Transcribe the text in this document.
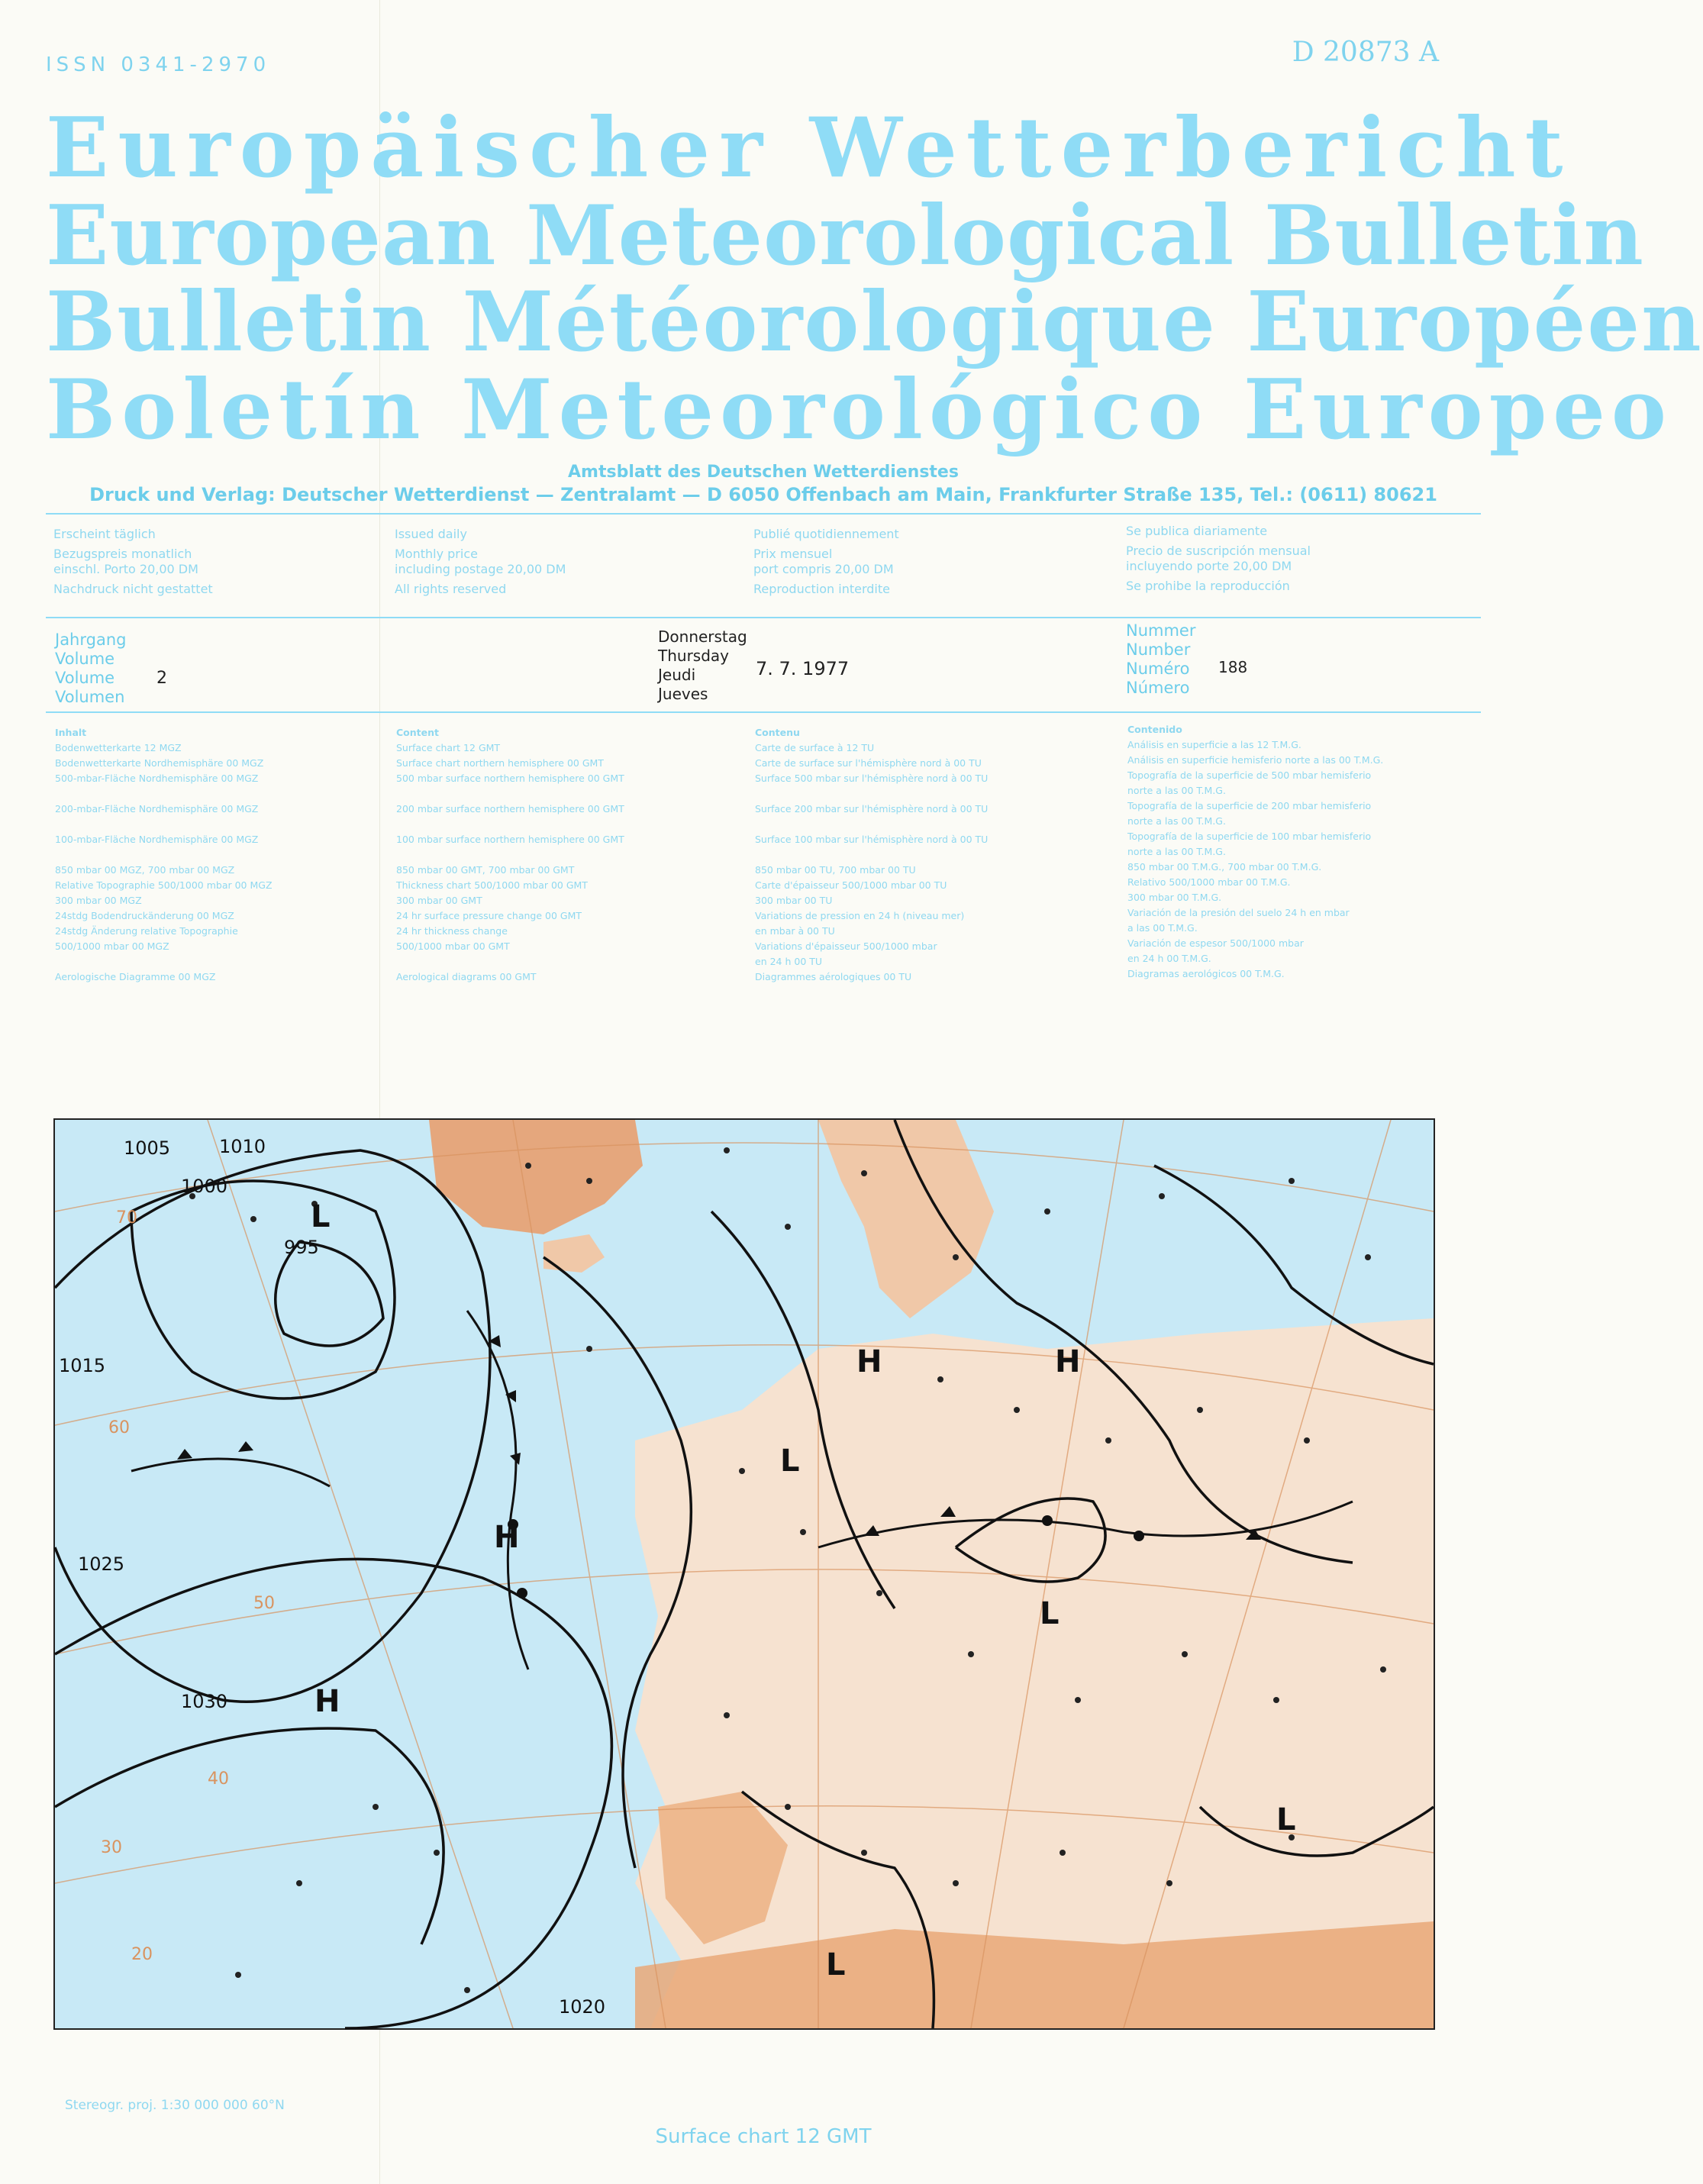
ISSN 0341-2970	D 20873 A
Europäischer Wetterbericht
European Meteorological Bulletin
Bulletin Météorologique Européen
Boletín Meteorológico Europeo
Amtsblatt des Deutschen Wetterdienstes
Druck und Verlag: Deutscher Wetterdienst — Zentralamt — D 6050 Offenbach am Main, Frankfurter Straße 135, Tel.: (0611) 80621
Erscheint täglich
Bezugspreis monatlich
einschl. Porto 20,00 DM
Nachdruck nicht gestattet
Issued daily
Monthly price
including postage 20,00 DM
All rights reserved
Publié quotidiennement
Prix mensuel
port compris 20,00 DM
Reproduction interdite
Se publica diariamente
Precio de suscripción mensual
incluyendo porte 20,00 DM
Se prohibe la reproducción
Jahrgang
Volume
Volume
Volumen
2
Donnerstag
Thursday
Jeudi
Jueves
7. 7. 1977
Nummer
Number
Numéro
Número
188
Inhalt
Bodenwetterkarte 12 MGZ
Bodenwetterkarte Nordhemisphäre 00 MGZ
500-mbar-Fläche Nordhemisphäre 00 MGZ
200-mbar-Fläche Nordhemisphäre 00 MGZ
100-mbar-Fläche Nordhemisphäre 00 MGZ
850 mbar 00 MGZ, 700 mbar 00 MGZ
Relative Topographie 500/1000 mbar 00 MGZ
300 mbar 00 MGZ
24stdg Bodendruckänderung 00 MGZ
24stdg Änderung relative Topographie
500/1000 mbar 00 MGZ
Aerologische Diagramme 00 MGZ
Content
Surface chart 12 GMT
Surface chart northern hemisphere 00 GMT
500 mbar surface northern hemisphere 00 GMT
200 mbar surface northern hemisphere 00 GMT
100 mbar surface northern hemisphere 00 GMT
850 mbar 00 GMT, 700 mbar 00 GMT
Thickness chart 500/1000 mbar 00 GMT
300 mbar 00 GMT
24 hr surface pressure change 00 GMT
24 hr thickness change
500/1000 mbar 00 GMT
Aerological diagrams 00 GMT
Contenu
Carte de surface à 12 TU
Carte de surface sur l'hémisphère nord à 00 TU
Surface 500 mbar sur l'hémisphère nord à 00 TU
Surface 200 mbar sur l'hémisphère nord à 00 TU
Surface 100 mbar sur l'hémisphère nord à 00 TU
850 mbar 00 TU, 700 mbar 00 TU
Carte d'épaisseur 500/1000 mbar 00 TU
300 mbar 00 TU
Variations de pression en 24 h (niveau mer)
en mbar à 00 TU
Variations d'épaisseur 500/1000 mbar
en 24 h 00 TU
Diagrammes aérologiques 00 TU
Contenido
Análisis en superficie a las 12 T.M.G.
Análisis en superficie hemisferio norte a las 00 T.M.G.
Topografía de la superficie de 500 mbar hemisferio
norte a las 00 T.M.G.
Topografía de la superficie de 200 mbar hemisferio
norte a las 00 T.M.G.
Topografía de la superficie de 100 mbar hemisferio
norte a las 00 T.M.G.
850 mbar 00 T.M.G., 700 mbar 00 T.M.G.
Relativo 500/1000 mbar 00 T.M.G.
300 mbar 00 T.M.G.
Variación de la presión del suelo 24 h en mbar
a las 00 T.M.G.
Variación de espesor 500/1000 mbar
en 24 h 00 T.M.G.
Diagramas aerológicos 00 T.M.G.
1005
1000
995
1010
1015
1020
1025
1030
H
H
H	H
L
L
L
L
L
70
60
50
40
30
20
Stereogr. proj. 1:30 000 000 60°N
Surface chart 12 GMT
